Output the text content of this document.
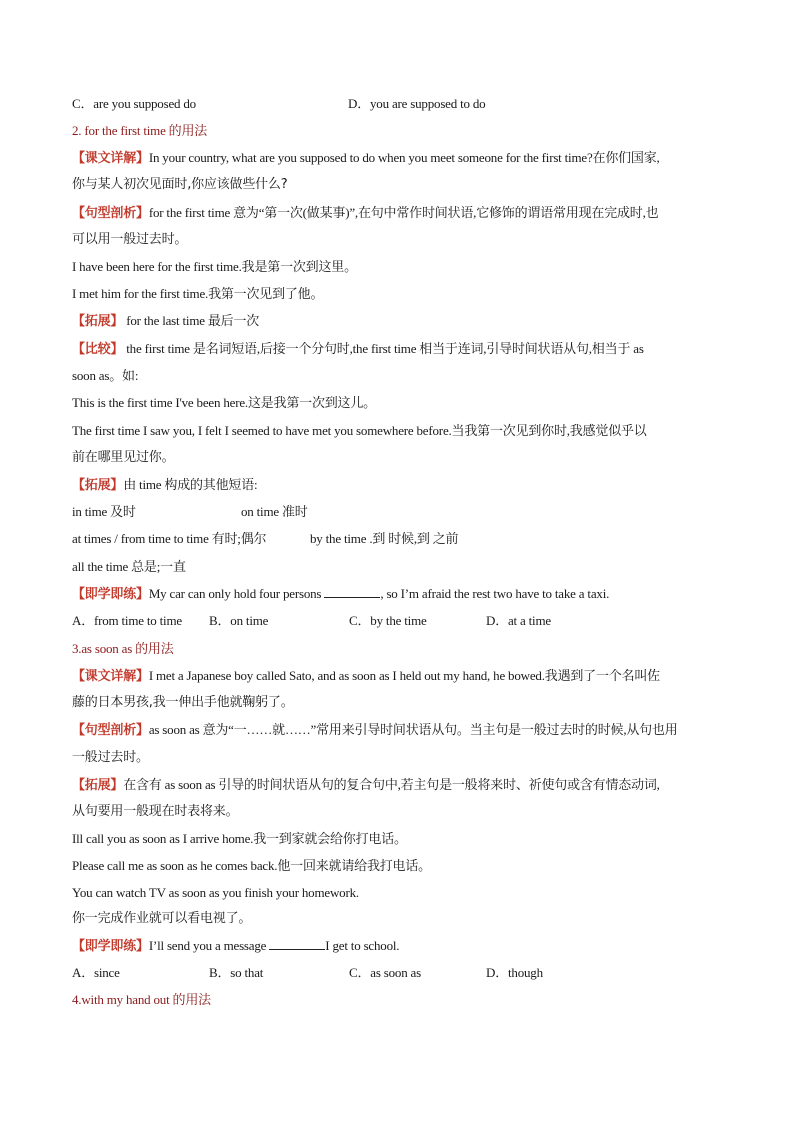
C．are you supposed do	D．you are supposed to do
2. for the first time 的用法
【课文详解】In your country, what are you supposed to do when you meet someone for the first time?在你们国家,
你与某人初次见面时,你应该做些什么?
【句型剖析】for the first time 意为“第一次(做某事)”,在句中常作时间状语,它修饰的谓语常用现在完成时,也
可以用一般过去时。
I have been here for the first time.我是第一次到这里。
I met him for the first time.我第一次见到了他。
【拓展】 for the last time 最后一次
【比较】 the first time 是名词短语,后接一个分句时,the first time 相当于连词,引导时间状语从句,相当于 as
soon as。如:
This is the first time I've been here.这是我第一次到这儿。
The first time I saw you, I felt I seemed to have met you somewhere before.当我第一次见到你时,我感觉似乎以
前在哪里见过你。
【拓展】由 time 构成的其他短语:
in time 及时	on time 准时
at times / from time to time 有时;偶尔	by the time .到 时候,到 之前
all the time 总是;一直
【即学即练】My car can only hold four persons	, so I’m afraid the rest two have to take a taxi.
A．from time to time B．on time	C．by the time	D．at a time
3.as soon as 的用法
【课文详解】I met a Japanese boy called Sato, and as soon as I held out my hand, he bowed.我遇到了一个名叫佐
藤的日本男孩,我一伸出手他就鞠躬了。
【句型剖析】as soon as 意为“一……就……”常用来引导时间状语从句。当主句是一般过去时的时候,从句也用
一般过去时。
【拓展】在含有 as soon as 引导的时间状语从句的复合句中,若主句是一般将来时、祈使句或含有情态动词,
从句要用一般现在时表将来。
Ill call you as soon as I arrive home.我一到家就会给你打电话。
Please call me as soon as he comes back.他一回来就请给我打电话。
You can watch TV as soon as you finish your homework.
你一完成作业就可以看电视了。
【即学即练】I’ll send you a message	I get to school.
A．since	B．so that	C．as soon as	D．though
4.with my hand out 的用法
